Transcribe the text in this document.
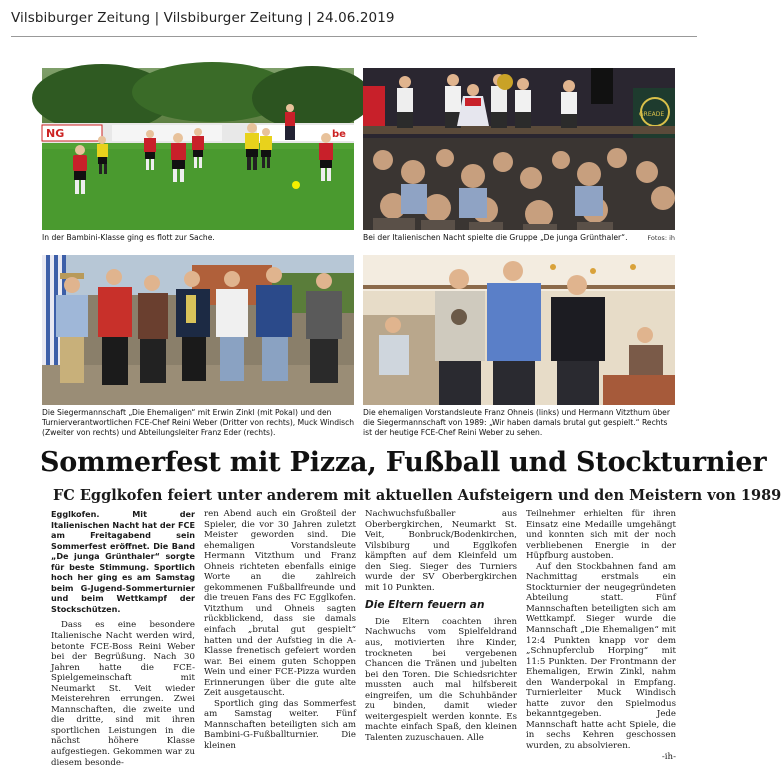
Vilsbiburger Zeitung | Vilsbiburger Zeitung | 24.06.2019
NG	be
In der Bambini-Klasse ging es flott zur Sache.
GREADE
Bei der Italienischen Nacht spielte die Gruppe „De junga Grünthaler“.	Fotos: ih
Die Siegermannschaft „Die Ehemaligen“ mit Erwin Zinkl (mit Pokal) und den Turnierverantwortlichen FCE-Chef Reini Weber (Dritter von rechts), Muck Windisch (Zweiter von rechts) und Abteilungsleiter Franz Eder (rechts).
Die ehemaligen Vorstandsleute Franz Ohneis (links) und Hermann Vitzthum über die Siegermannschaft von 1989: „Wir haben damals brutal gut gespielt.“ Rechts ist der heutige FCE-Chef Reini Weber zu sehen.
Sommerfest mit Pizza, Fußball und Stockturnier
FC Egglkofen feiert unter anderem mit aktuellen Aufsteigern und den Meistern von 1989

Egglkofen. Mit der Italienischen Nacht hat der FCE am Freitagabend sein Sommerfest eröffnet. Die Band „De junga Grünthaler“ sorgte für beste Stimmung. Sportlich hoch her ging es am Samstag beim G-Jugend-Sommerturnier und beim Wettkampf der Stockschützen.

Dass es eine besondere Italienische Nacht werden wird, betonte FCE-Boss Reini Weber bei der Begrüßung. Nach 30 Jahren hatte die FCE-Spielgemeinschaft mit Neumarkt St. Veit wieder Meisterehren errungen. Zwei Mannschaften, die zweite und die dritte, sind mit ihren sportlichen Leistungen in die nächst höhere Klasse aufgestiegen. Gekommen war zu diesem besonde-

ren Abend auch ein Großteil der Spieler, die vor 30 Jahren zuletzt Meister geworden sind. Die ehemaligen Vorstandsleute Hermann Vitzthum und Franz Ohneis richteten ebenfalls einige Worte an die zahlreich gekommenen Fußballfreunde und die treuen Fans des FC Egglkofen. Vitzthum und Ohneis sagten rückblickend, dass sie damals einfach „brutal gut gespielt“ hatten und der Aufstieg in die A-Klasse frenetisch gefeiert worden war. Bei einem guten Schoppen Wein und einer FCE-Pizza wurden Erinnerungen über die gute alte Zeit ausgetauscht.

Sportlich ging das Sommerfest am Samstag weiter. Fünf Mannschaften beteiligten sich am Bambini-G-Fußballturnier. Die kleinen

Nachwuchsfußballer aus Oberbergkirchen, Neumarkt St. Veit, Bonbruck/Bodenkirchen, Vilsbiburg und Egglkofen kämpften auf dem Kleinfeld um den Sieg. Sieger des Turniers wurde der SV Oberbergkirchen mit 10 Punkten.

Die Eltern feuern an

Die Eltern coachten ihren Nachwuchs vom Spielfeldrand aus, motivierten ihre Kinder, trockneten bei vergebenen Chancen die Tränen und jubelten bei den Toren. Die Schiedsrichter mussten auch mal hilfsbereit eingreifen, um die Schuhbänder zu binden, damit wieder weitergespielt werden konnte. Es machte einfach Spaß, den kleinen Talenten zuzuschauen. Alle

Teilnehmer erhielten für ihren Einsatz eine Medaille umgehängt und konnten sich mit der noch verbliebenen Energie in der Hüpfburg austoben.

Auf den Stockbahnen fand am Nachmittag erstmals ein Stockturnier der neugegründeten Abteilung statt. Fünf Mannschaften beteiligten sich am Wettkampf. Sieger wurde die Mannschaft „Die Ehemaligen“ mit 12:4 Punkten knapp vor dem „Schnupferclub Horping“ mit 11:5 Punkten. Der Frontmann der Ehemaligen, Erwin Zinkl, nahm den Wanderpokal in Empfang. Turnierleiter Muck Windisch hatte zuvor den Spielmodus bekanntgegeben. Jede Mannschaft hatte acht Spiele, die in sechs Kehren geschossen wurden, zu absolvieren.

-ih-
